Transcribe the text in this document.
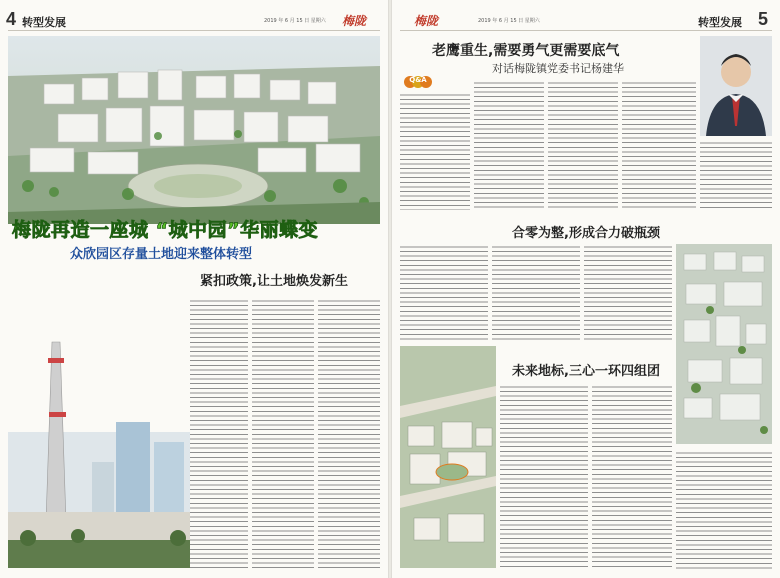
4 转型发展	2019 年 6 月 15 日 星期六 梅陇
梅陇再造一座城 “城中园”华丽蝶变
众欣园区存量土地迎来整体转型
紧扣政策,让土地焕发新生
梅陇	2019 年 6 月 15 日 星期六	转型发展 5
老鹰重生,需要勇气更需要底气
对话梅陇镇党委书记杨建华
Q&A
合零为整,形成合力破瓶颈
未来地标,三心一环四组团
